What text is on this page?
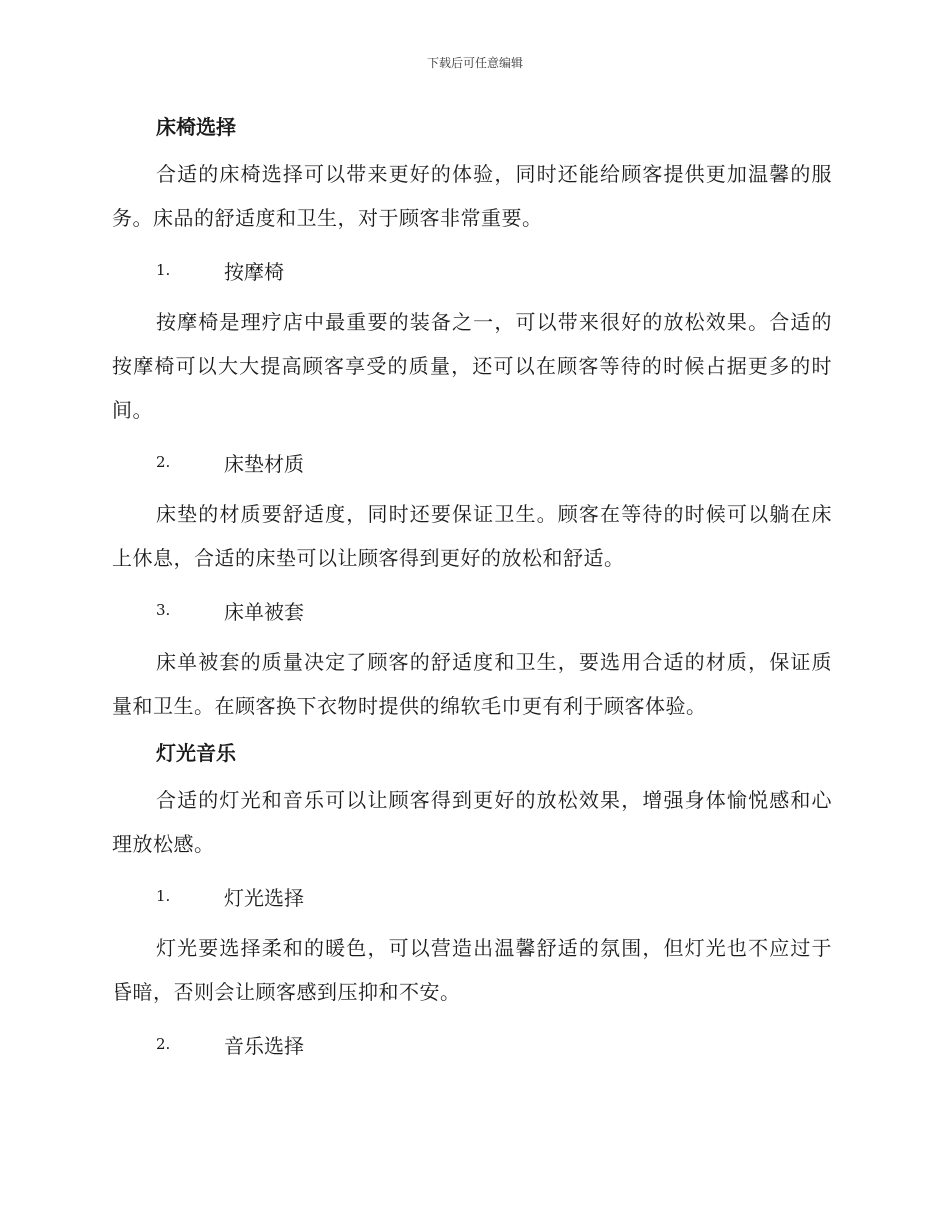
下载后可任意编辑
床椅选择

合适的床椅选择可以带来更好的体验，同时还能给顾客提供更加温馨的服务。床品的舒适度和卫生，对于顾客非常重要。

1.	按摩椅

按摩椅是理疗店中最重要的装备之一，可以带来很好的放松效果。合适的按摩椅可以大大提高顾客享受的质量，还可以在顾客等待的时候占据更多的时间。

2.	床垫材质

床垫的材质要舒适度，同时还要保证卫生。顾客在等待的时候可以躺在床上休息，合适的床垫可以让顾客得到更好的放松和舒适。

3.	床单被套

床单被套的质量决定了顾客的舒适度和卫生，要选用合适的材质，保证质量和卫生。在顾客换下衣物时提供的绵软毛巾更有利于顾客体验。

灯光音乐

合适的灯光和音乐可以让顾客得到更好的放松效果，增强身体愉悦感和心理放松感。

1.	灯光选择

灯光要选择柔和的暖色，可以营造出温馨舒适的氛围，但灯光也不应过于昏暗，否则会让顾客感到压抑和不安。

2.	音乐选择
